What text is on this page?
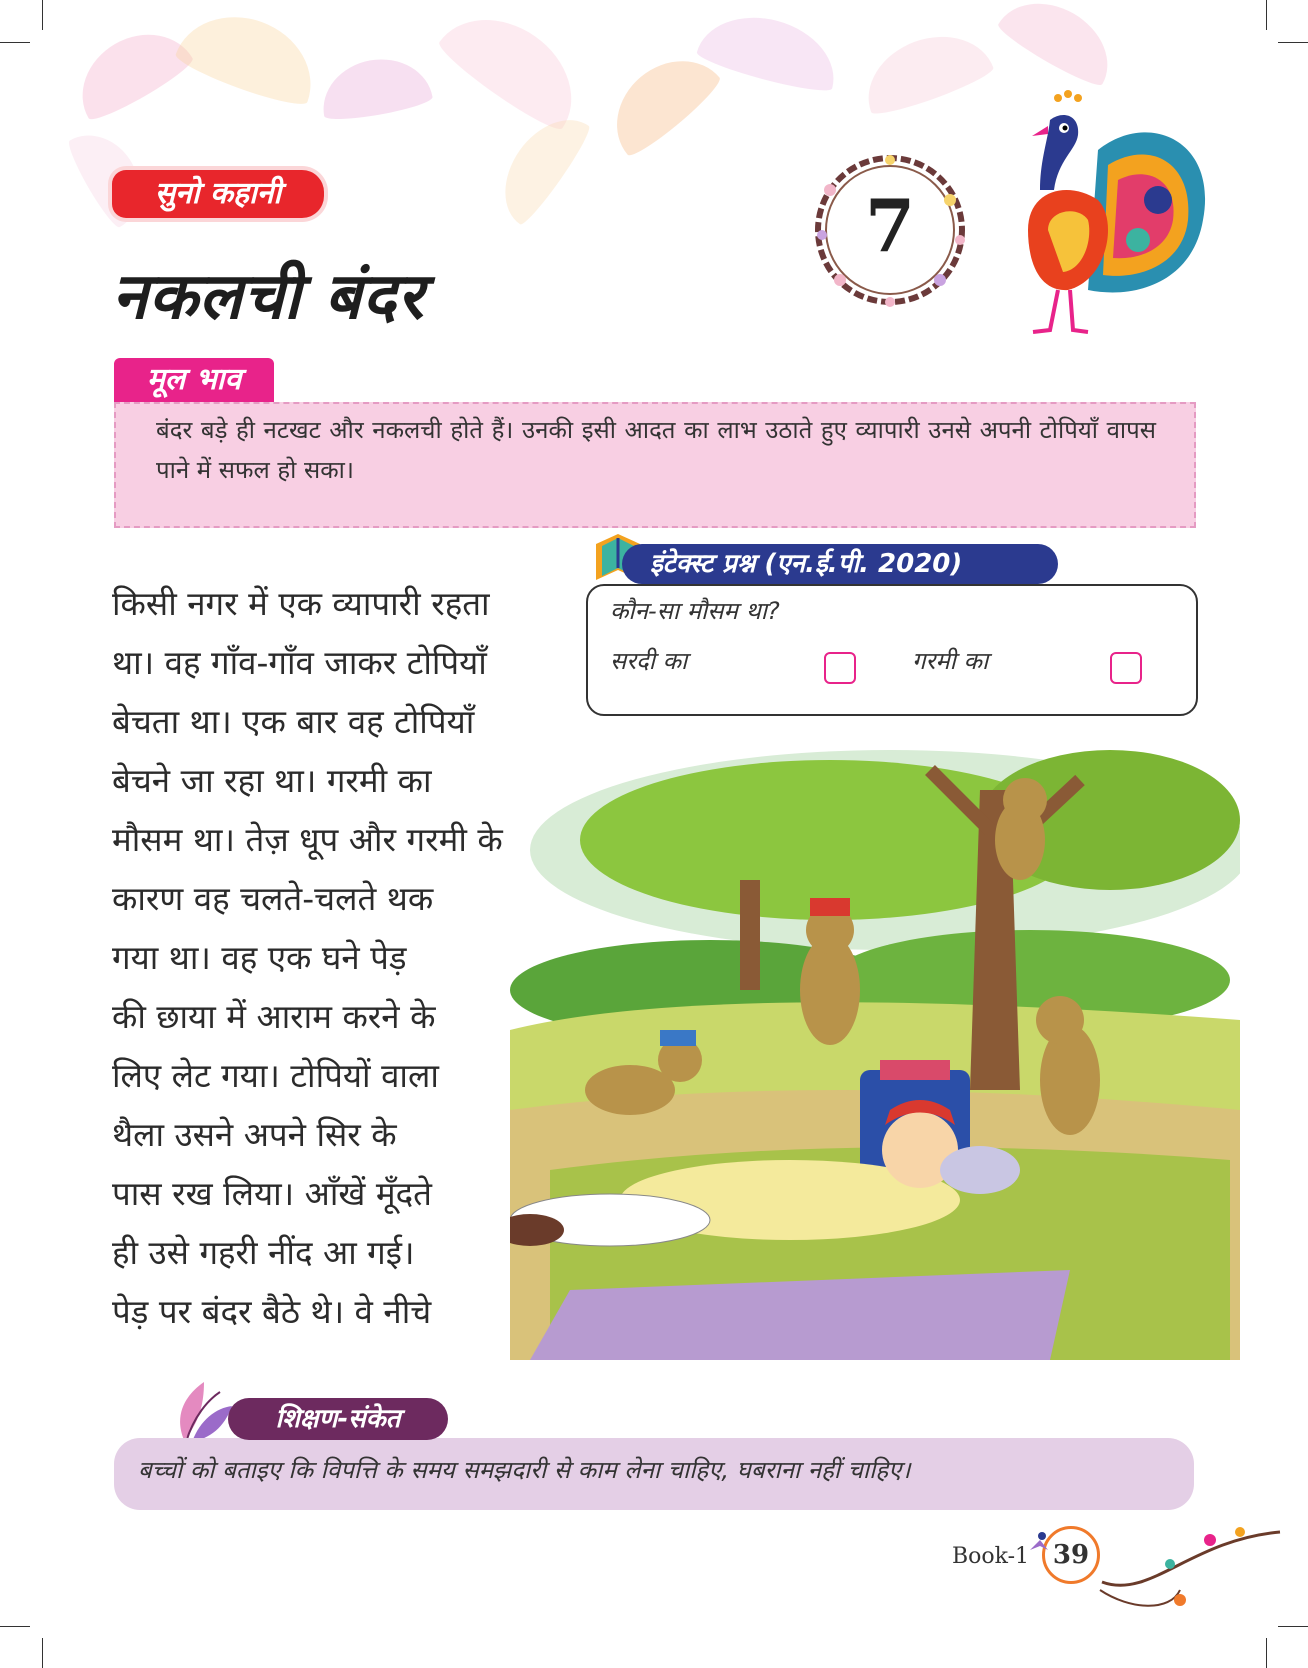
सुनो कहानी
नकलची बंदर
7
मूल भाव
बंदर बड़े ही नटखट और नकलची होते हैं। उनकी इसी आदत का लाभ उठाते हुए व्यापारी उनसे अपनी टोपियाँ वापस पाने में सफल हो सका।
किसी नगर में एक व्यापारी रहता
था। वह गाँव-गाँव जाकर टोपियाँ
बेचता था। एक बार वह टोपियाँ
बेचने जा रहा था। गरमी का
मौसम था। तेज़ धूप और गरमी के
कारण वह चलते-चलते थक
गया था। वह एक घने पेड़
की छाया में आराम करने के
लिए लेट गया। टोपियों वाला
थैला उसने अपने सिर के
पास रख लिया। आँखें मूँदते
ही उसे गहरी नींद आ गई।
पेड़ पर बंदर बैठे थे। वे नीचे
इंटेक्स्ट प्रश्न (एन.ई.पी. 2020)
कौन-सा मौसम था?
सरदी का	गरमी का
शिक्षण-संकेत
बच्चों को बताइए कि विपत्ति के समय समझदारी से काम लेना चाहिए, घबराना नहीं चाहिए।
Book-1 39
